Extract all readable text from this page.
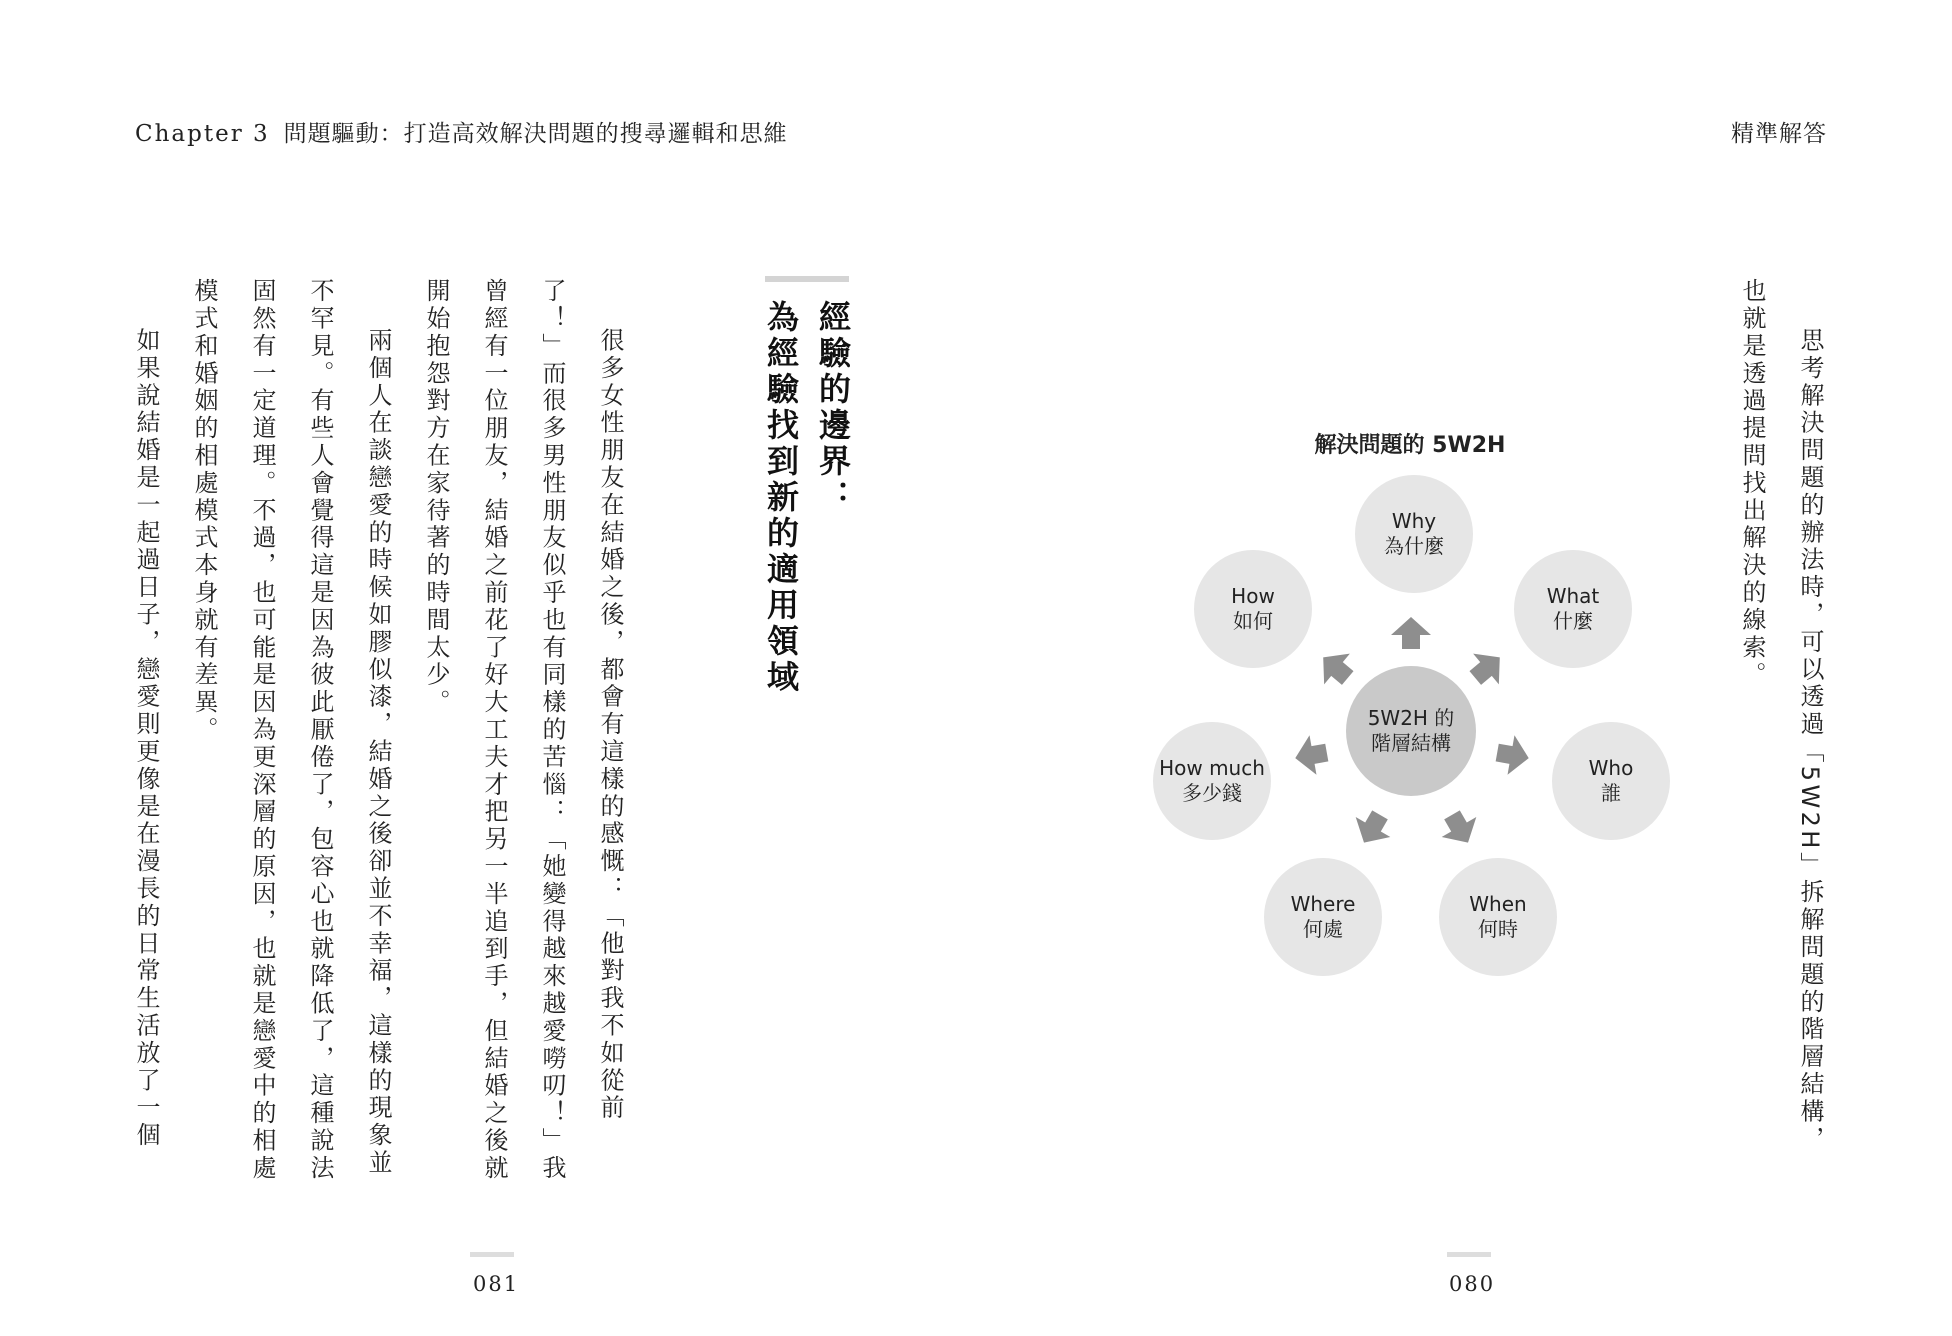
Chapter 3 問題驅動：打造高效解決問題的搜尋邏輯和思維	精準解答
經驗的邊界：
為經驗找到新的適用領域
　很多女性朋友在結婚之後，都會有這樣的感慨：「他對我不如從前
了！」而很多男性朋友似乎也有同樣的苦惱：「她變得越來越愛嘮叨！」我
曾經有一位朋友，結婚之前花了好大工夫才把另一半追到手，但結婚之後就
開始抱怨對方在家待著的時間太少。
　兩個人在談戀愛的時候如膠似漆，結婚之後卻並不幸福，這樣的現象並
不罕見。有些人會覺得這是因為彼此厭倦了，包容心也就降低了，這種說法
固然有一定道理。不過，也可能是因為更深層的原因，也就是戀愛中的相處
模式和婚姻的相處模式本身就有差異。
　如果說結婚是一起過日子，戀愛則更像是在漫長的日常生活放了一個
081
　思考解決問題的辦法時，可以透過「5W2H」拆解問題的階層結構，
也就是透過提問找出解決的線索。
解決問題的 5W2H
Why
為什麼
What
什麼
Who
誰
When
何時
Where
何處
How much
多少錢
How
如何
5W2H 的
階層結構
080
